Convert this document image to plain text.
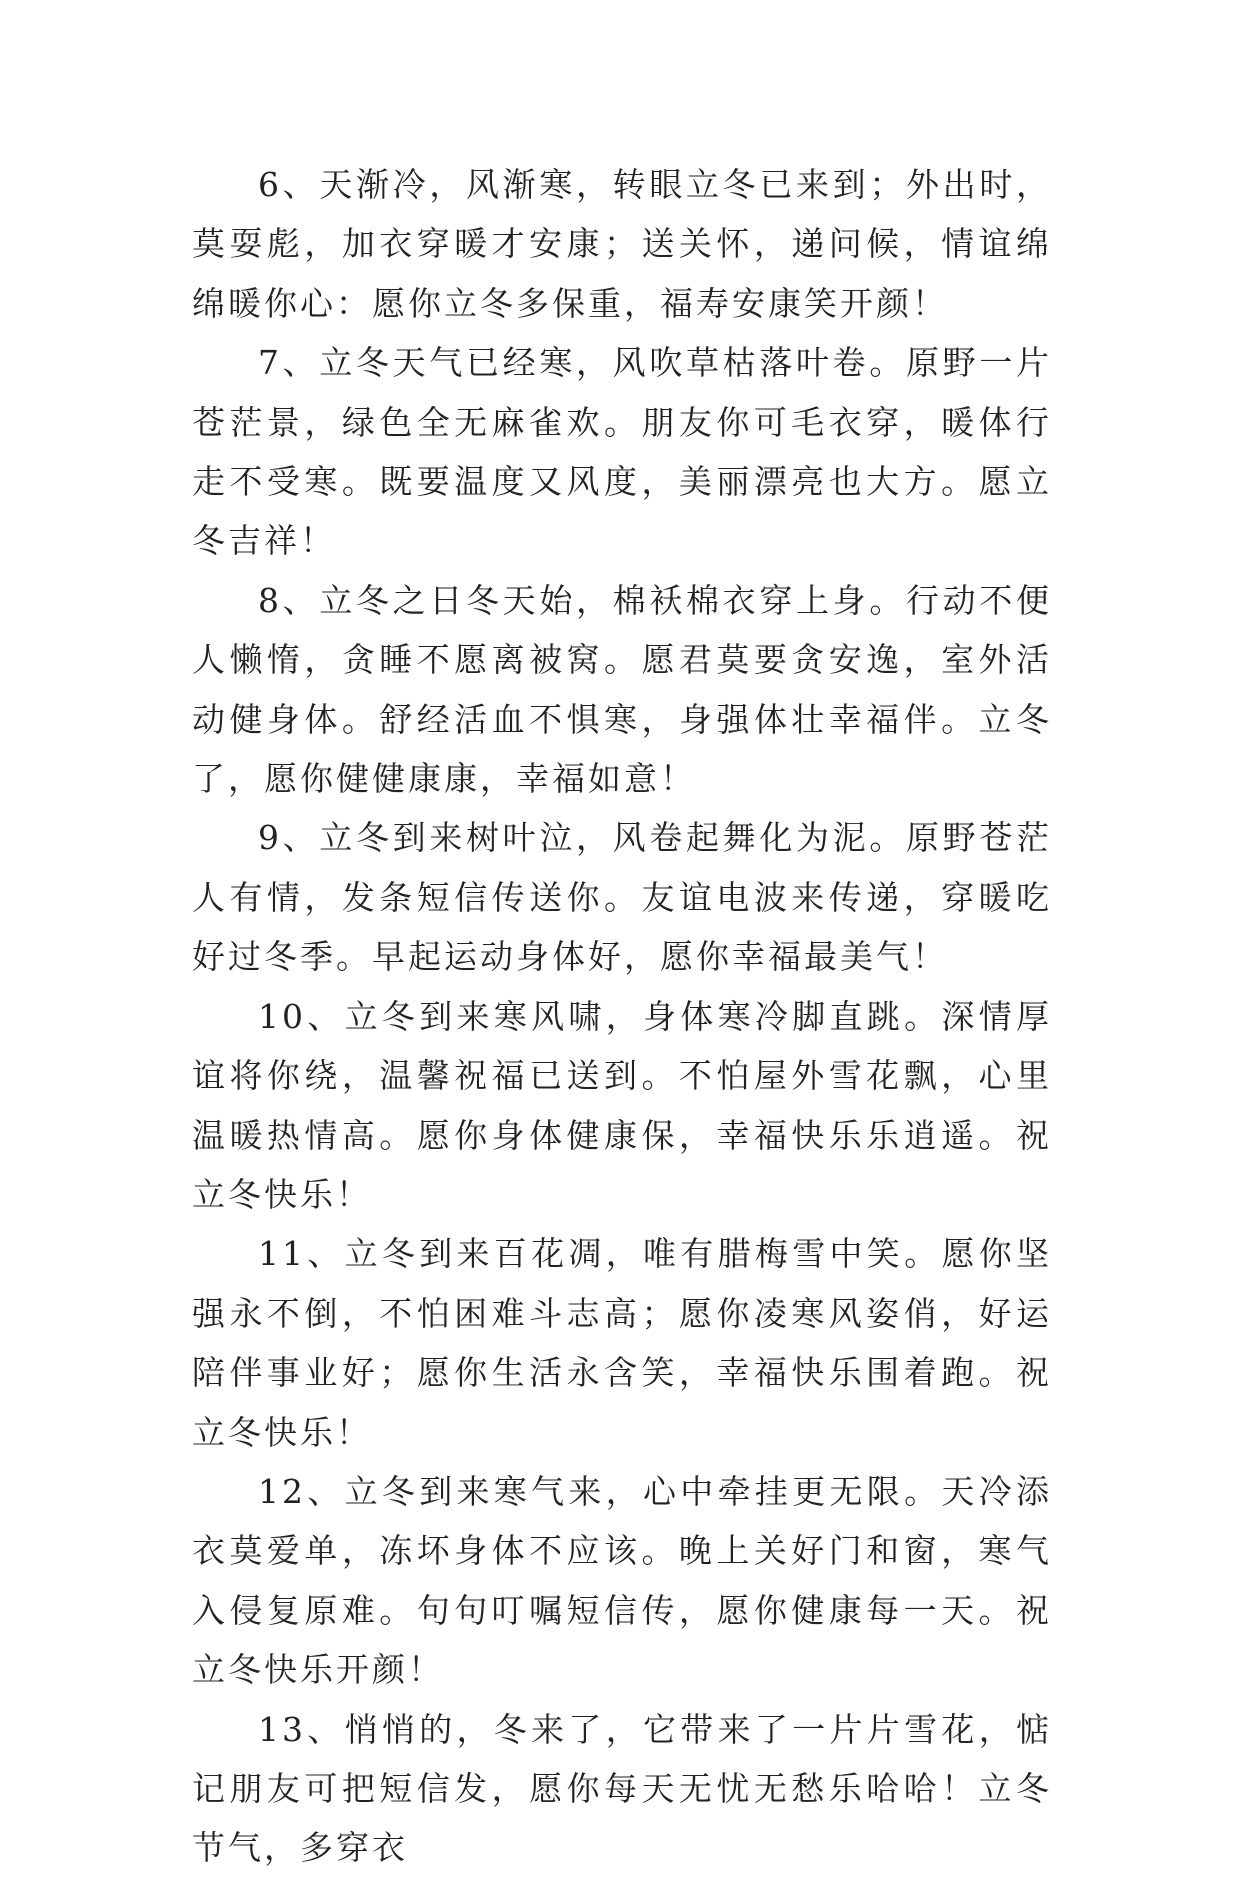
6、天渐冷，风渐寒，转眼立冬已来到；外出时，莫耍彪，加衣穿暖才安康；送关怀，递问候，情谊绵绵暖你心：愿你立冬多保重，福寿安康笑开颜！

7、立冬天气已经寒，风吹草枯落叶卷。原野一片苍茫景，绿色全无麻雀欢。朋友你可毛衣穿，暖体行走不受寒。既要温度又风度，美丽漂亮也大方。愿立冬吉祥！

8、立冬之日冬天始，棉袄棉衣穿上身。行动不便人懒惰，贪睡不愿离被窝。愿君莫要贪安逸，室外活动健身体。舒经活血不惧寒，身强体壮幸福伴。立冬了，愿你健健康康，幸福如意！

9、立冬到来树叶泣，风卷起舞化为泥。原野苍茫人有情，发条短信传送你。友谊电波来传递，穿暖吃好过冬季。早起运动身体好，愿你幸福最美气！

10、立冬到来寒风啸，身体寒冷脚直跳。深情厚谊将你绕，温馨祝福已送到。不怕屋外雪花飘，心里温暖热情高。愿你身体健康保，幸福快乐乐逍遥。祝立冬快乐！

11、立冬到来百花凋，唯有腊梅雪中笑。愿你坚强永不倒，不怕困难斗志高；愿你凌寒风姿俏，好运陪伴事业好；愿你生活永含笑，幸福快乐围着跑。祝立冬快乐！

12、立冬到来寒气来，心中牵挂更无限。天冷添衣莫爱单，冻坏身体不应该。晚上关好门和窗，寒气入侵复原难。句句叮嘱短信传，愿你健康每一天。祝立冬快乐开颜！

13、悄悄的，冬来了，它带来了一片片雪花，惦记朋友可把短信发，愿你每天无忧无愁乐哈哈！立冬节气，多穿衣
